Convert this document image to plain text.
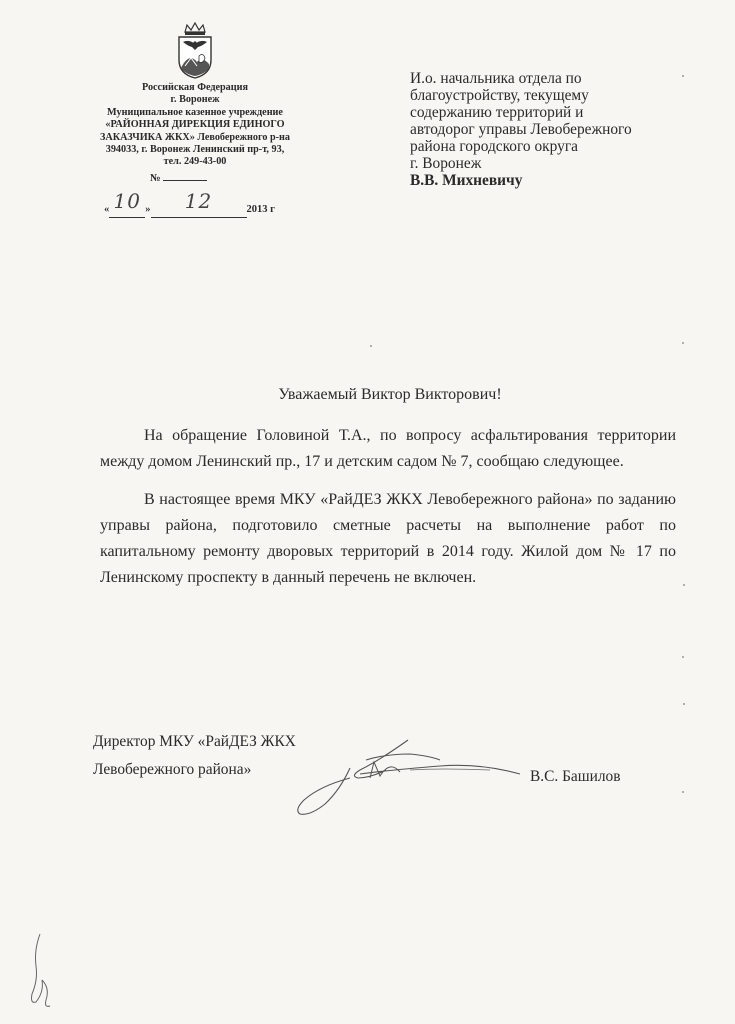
Российская Федерация
г. Воронеж
Муниципальное казенное учреждение
«РАЙОННАЯ ДИРЕКЦИЯ ЕДИНОГО
ЗАКАЗЧИКА ЖКХ» Левобережного р-на
394033, г. Воронеж Ленинский пр-т, 93,
тел. 249-43-00
№
« 10 » 12	2013 г
И.о. начальника отдела по
благоустройству, текущему
содержанию территорий и
автодорог управы Левобережного
района городского округа
г. Воронеж
В.В. Михневичу
Уважаемый Виктор Викторович!

На обращение Головиной Т.А., по вопросу асфальтирования территории между домом Ленинский пр., 17 и детским садом № 7, сообщаю следующее.

В настоящее время МКУ «РайДЕЗ ЖКХ Левобережного района» по заданию управы района, подготовило сметные расчеты на выполнение работ по капитальному ремонту дворовых территорий в 2014 году. Жилой дом № 17 по Ленинскому проспекту в данный перечень не включен.

Директор МКУ «РайДЕЗ ЖКХ
Левобережного района»	В.С. Башилов
